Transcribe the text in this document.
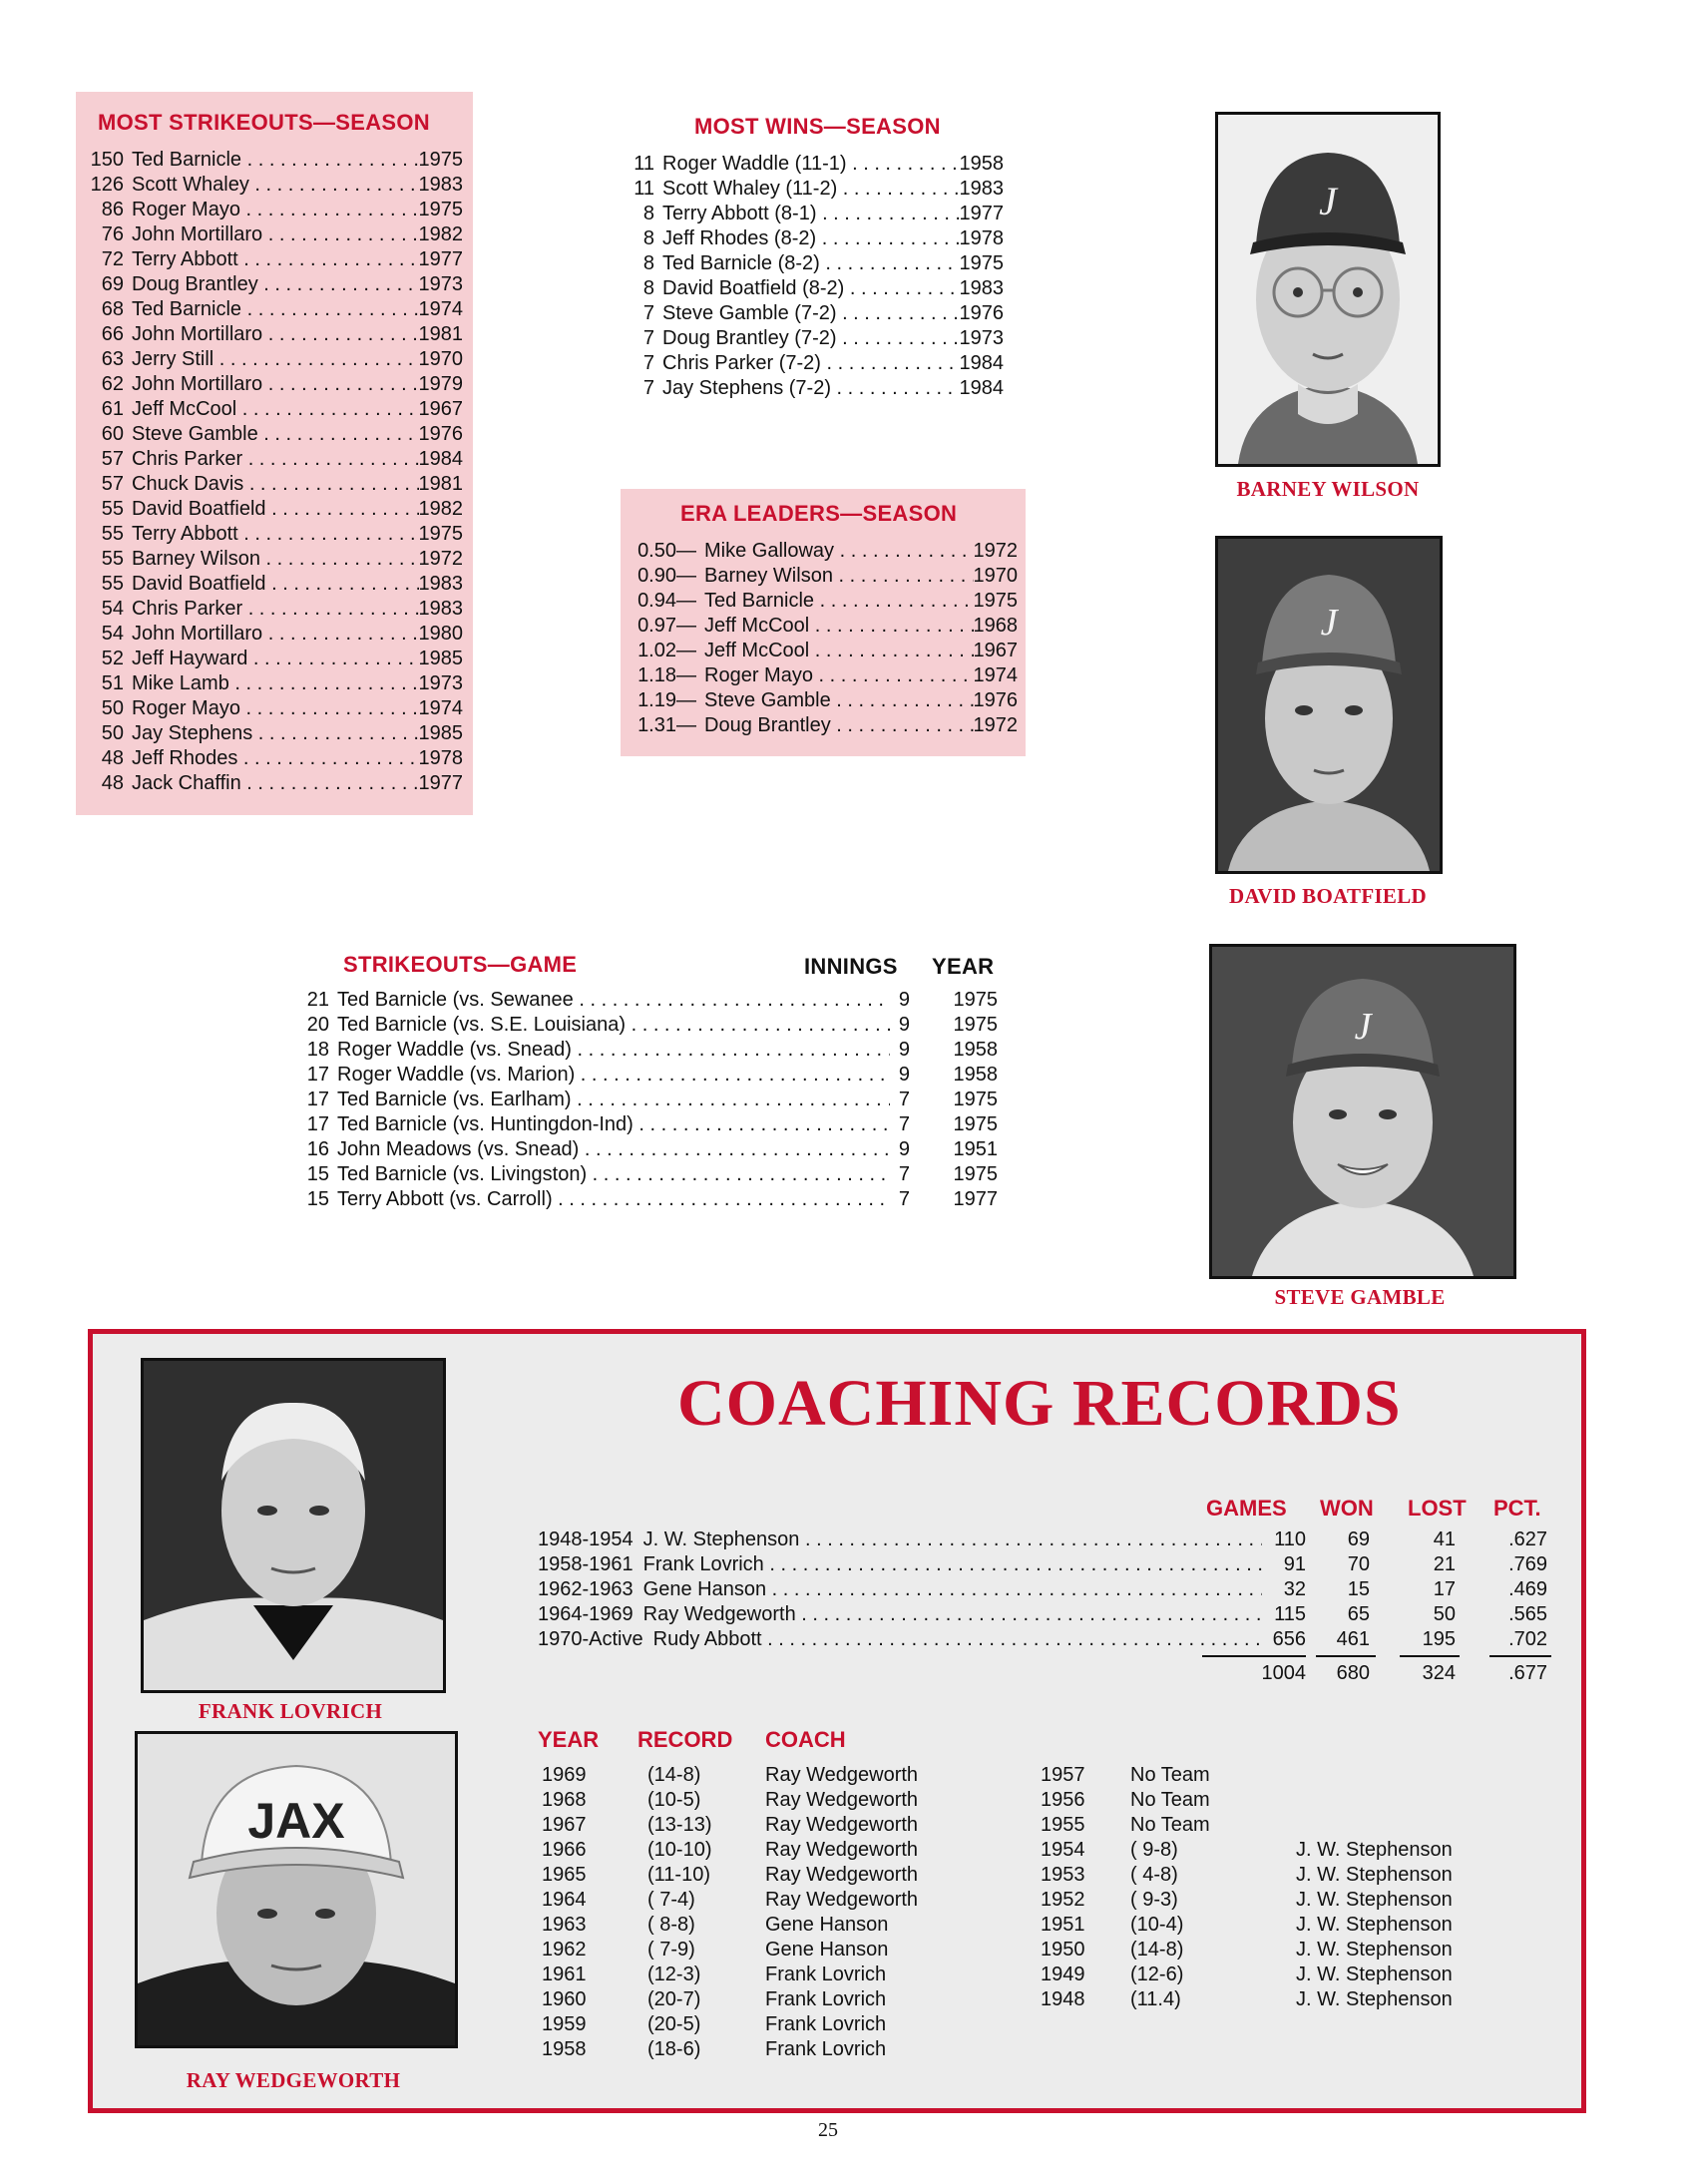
MOST STRIKEOUTS—SEASON
150 Ted Barnicle . . .	1975
126 Scott Whaley . . .	1983
86 Roger Mayo . . .	1975
76 John Mortillaro . . .	1982
72 Terry Abbott . . .	1977
69 Doug Brantley . . .	1973
68 Ted Barnicle . . .	1974
66 John Mortillaro . . .	1981
63 Jerry Still . . .	1970
62 John Mortillaro . . .	1979
61 Jeff McCool . . .	1967
60 Steve Gamble . . .	1976
57 Chris Parker . . .	1984
57 Chuck Davis . . .	1981
55 David Boatfield . . .	1982
55 Terry Abbott . . .	1975
55 Barney Wilson . . .	1972
55 David Boatfield . . .	1983
54 Chris Parker . . .	1983
54 John Mortillaro . . .	1980
52 Jeff Hayward . . .	1985
51 Mike Lamb . . .	1973
50 Roger Mayo . . .	1974
50 Jay Stephens . . .	1985
48 Jeff Rhodes . . .	1978
48 Jack Chaffin . . .	1977
MOST WINS—SEASON
11 Roger Waddle (11-1) . . .	1958
11 Scott Whaley (11-2) . . .	1983
8 Terry Abbott (8-1) . . .	1977
8 Jeff Rhodes (8-2) . . .	1978
8 Ted Barnicle (8-2) . . .	1975
8 David Boatfield (8-2) . . .	1983
7 Steve Gamble (7-2) . . .	1976
7 Doug Brantley (7-2) . . .	1973
7 Chris Parker (7-2) . . .	1984
7 Jay Stephens (7-2) . . .	1984
ERA LEADERS—SEASON
0.50— Mike Galloway . . .	1972
0.90— Barney Wilson . . .	1970
0.94— Ted Barnicle . . .	1975
0.97— Jeff McCool . . .	1968
1.02— Jeff McCool . . .	1967
1.18— Roger Mayo . . .	1974
1.19— Steve Gamble . . .	1976
1.31— Doug Brantley . . .	1972
STRIKEOUTS—GAME	INNINGS YEAR
21 Ted Barnicle (vs. Sewanee . . .	9	1975
20 Ted Barnicle (vs. S.E. Louisiana) . . .	9	1975
18 Roger Waddle (vs. Snead) . . .	9	1958
17 Roger Waddle (vs. Marion) . . .	9	1958
17 Ted Barnicle (vs. Earlham) . . .	7	1975
17 Ted Barnicle (vs. Huntingdon-Ind) . . .	7	1975
16 John Meadows (vs. Snead) . . .	9	1951
15 Ted Barnicle (vs. Livingston) . . .	7	1975
15 Terry Abbott (vs. Carroll) . . .	7	1977
J
BARNEY WILSON
J
DAVID BOATFIELD
J
STEVE GAMBLE
COACHING RECORDS
GAMES WON LOST PCT.
1948-1954 J. W. Stephenson . . .	110	69	41	.627
1958-1961 Frank Lovrich . . .	91	70	21	.769
1962-1963 Gene Hanson . . .	32	15	17	.469
1964-1969 Ray Wedgeworth . . .	115	65	50	.565
1970-Active Rudy Abbott . . .	656	461	195	.702
1004	680	324	.677
YEAR RECORD COACH
1969	(14-8)	Ray Wedgeworth
1968	(10-5)	Ray Wedgeworth
1967	(13-13)	Ray Wedgeworth
1966	(10-10)	Ray Wedgeworth
1965	(11-10)	Ray Wedgeworth
1964	( 7-4)	Ray Wedgeworth
1963	( 8-8)	Gene Hanson
1962	( 7-9)	Gene Hanson
1961	(12-3)	Frank Lovrich
1960	(20-7)	Frank Lovrich
1959	(20-5)	Frank Lovrich
1958	(18-6)	Frank Lovrich
1957 No Team
1956 No Team
1955 No Team
1954 ( 9-8)	J. W. Stephenson
1953 ( 4-8)	J. W. Stephenson
1952 ( 9-3)	J. W. Stephenson
1951 (10-4)	J. W. Stephenson
1950 (14-8)	J. W. Stephenson
1949 (12-6)	J. W. Stephenson
1948 (11.4)	J. W. Stephenson
FRANK LOVRICH
JAX
RAY WEDGEWORTH
25
